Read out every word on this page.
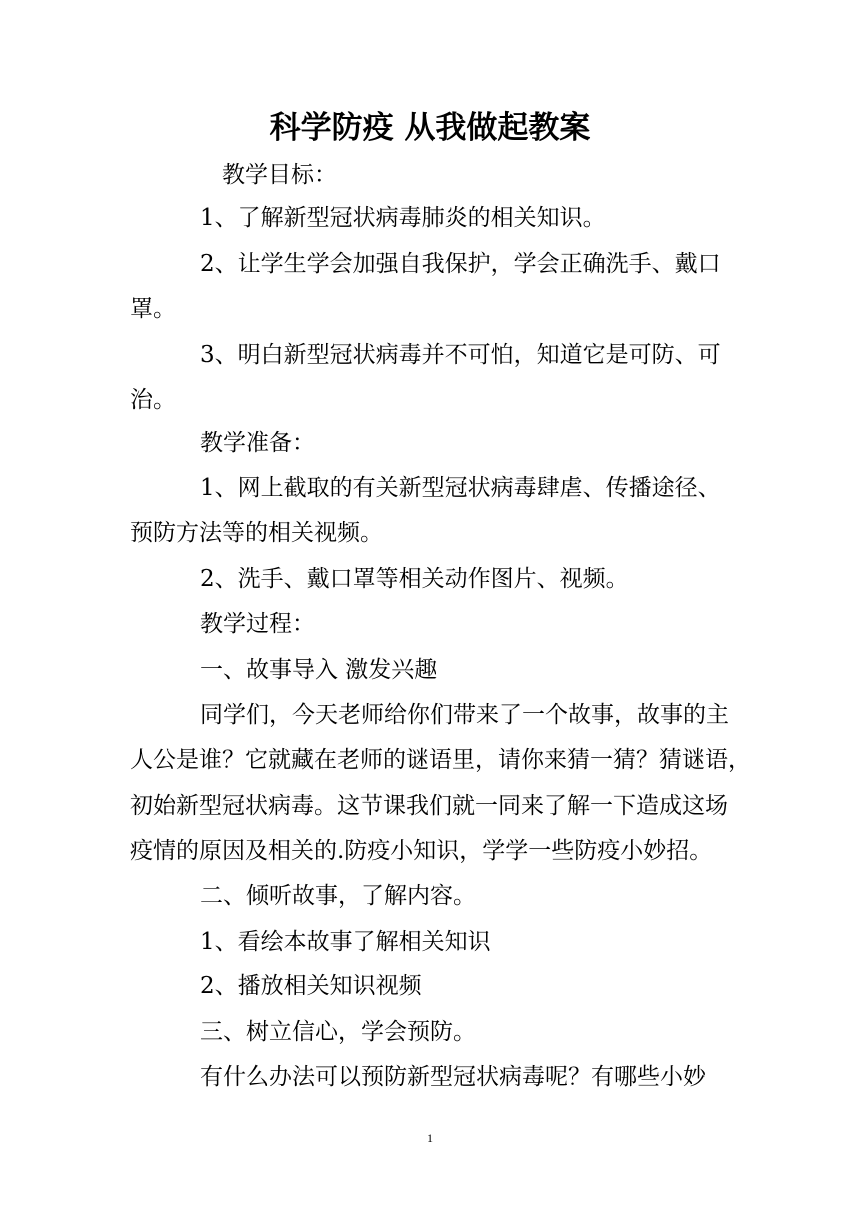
科学防疫 从我做起教案
教学目标：
1、了解新型冠状病毒肺炎的相关知识。
2、让学生学会加强自我保护，学会正确洗手、戴口
罩。
3、明白新型冠状病毒并不可怕，知道它是可防、可
治。
教学准备：
1、网上截取的有关新型冠状病毒肆虐、传播途径、
预防方法等的相关视频。
2、洗手、戴口罩等相关动作图片、视频。
教学过程：
一、故事导入 激发兴趣
同学们，今天老师给你们带来了一个故事，故事的主
人公是谁？它就藏在老师的谜语里，请你来猜一猜？猜谜语，
初始新型冠状病毒。这节课我们就一同来了解一下造成这场
疫情的原因及相关的.防疫小知识，学学一些防疫小妙招。
二、倾听故事，了解内容。
1、看绘本故事了解相关知识
2、播放相关知识视频
三、树立信心，学会预防。
有什么办法可以预防新型冠状病毒呢？有哪些小妙
1
